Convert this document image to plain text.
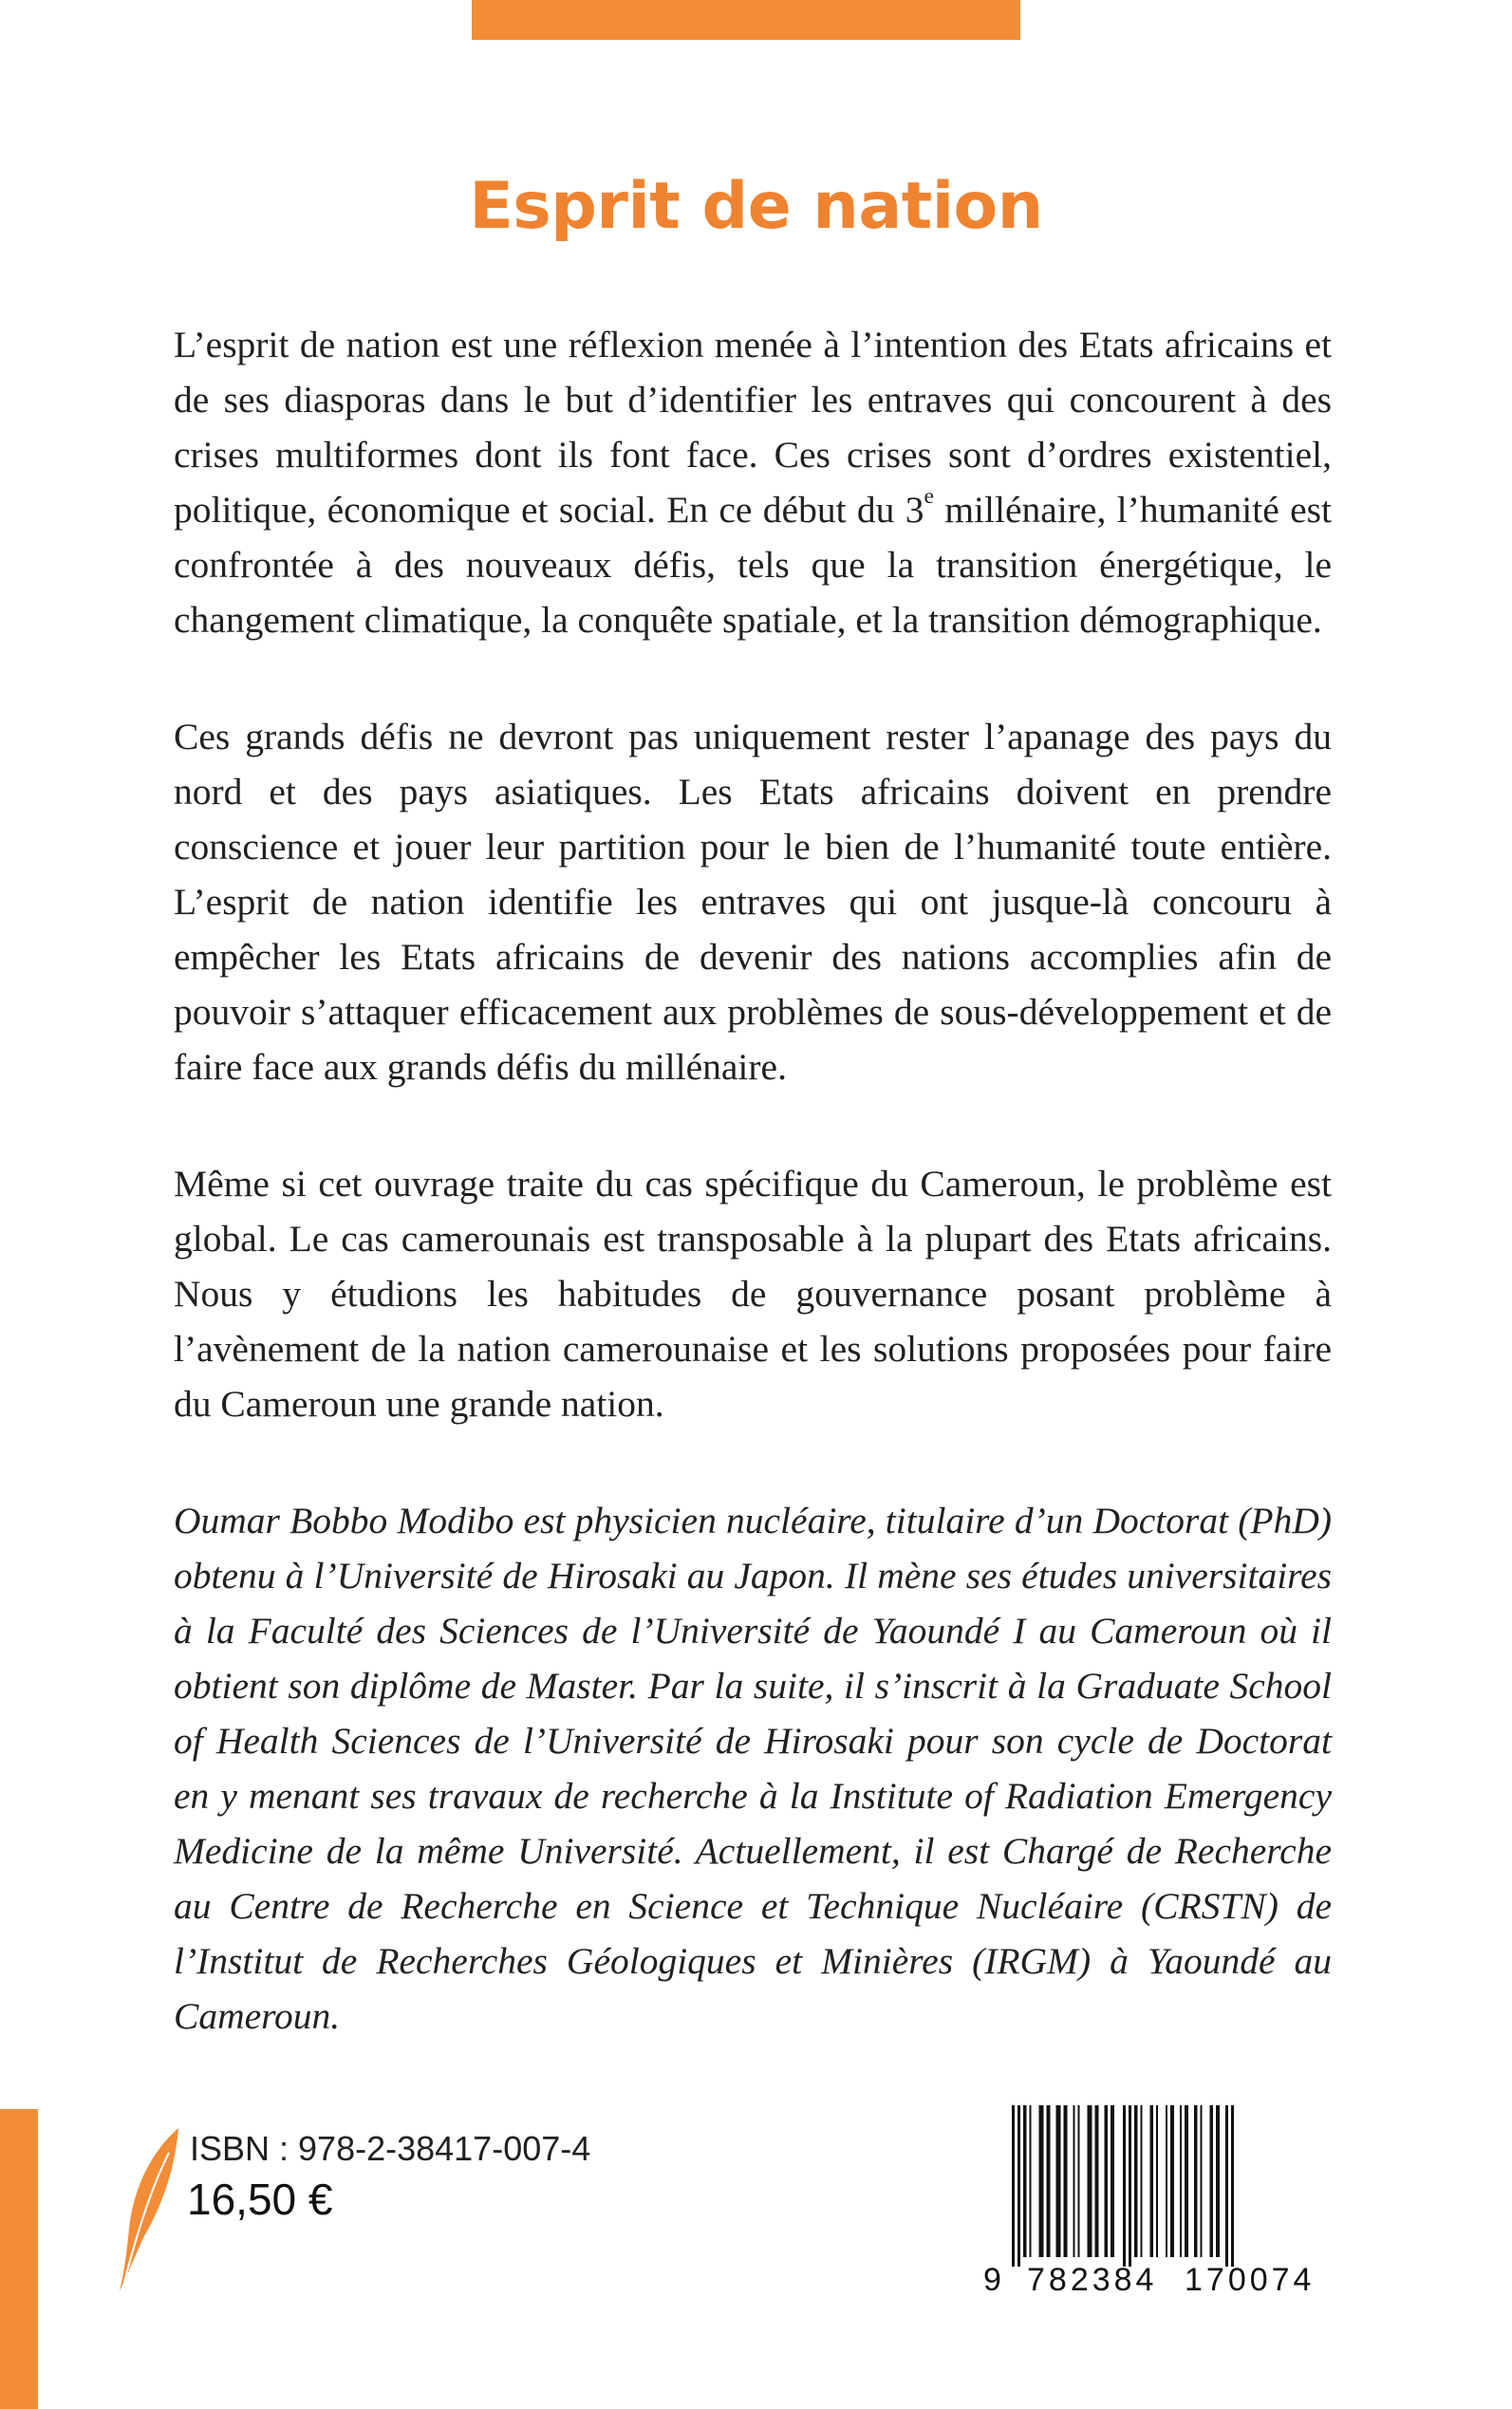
Esprit de nation

L’esprit de nation est une réflexion menée à l’intention des Etats africains et de ses diasporas dans le but d’identifier les entraves qui concourent à des crises multiformes dont ils font face. Ces crises sont d’ordres existentiel, politique, économique et social. En ce début du 3e millénaire, l’humanité est confrontée à des nouveaux défis, tels que la transition énergétique, le changement climatique, la conquête spatiale, et la transition démographique.

Ces grands défis ne devront pas uniquement rester l’apanage des pays du nord et des pays asiatiques. Les Etats africains doivent en prendre conscience et jouer leur partition pour le bien de l’humanité toute entière. L’esprit de nation identifie les entraves qui ont jusque-là concouru à empêcher les Etats africains de devenir des nations accomplies afin de pouvoir s’attaquer efficacement aux problèmes de sous-développement et de faire face aux grands défis du millénaire.

Même si cet ouvrage traite du cas spécifique du Cameroun, le problème est global. Le cas camerounais est transposable à la plupart des Etats africains. Nous y étudions les habitudes de gouvernance posant problème à l’avènement de la nation camerounaise et les solutions proposées pour faire du Cameroun une grande nation.

Oumar Bobbo Modibo est physicien nucléaire, titulaire d’un Doctorat (PhD) obtenu à l’Université de Hirosaki au Japon. Il mène ses études universitaires à la Faculté des Sciences de l’Université de Yaoundé I au Cameroun où il obtient son diplôme de Master. Par la suite, il s’inscrit à la Graduate School of Health Sciences de l’Université de Hirosaki pour son cycle de Doctorat en y menant ses travaux de recherche à la Institute of Radiation Emergency Medicine de la même Université. Actuellement, il est Chargé de Recherche au Centre de Recherche en Science et Technique Nucléaire (CRSTN) de l’Institut de Recherches Géologiques et Minières (IRGM) à Yaoundé au Cameroun.

ISBN : 978-2-38417-007-4
16,50 €
9 782384 170074
